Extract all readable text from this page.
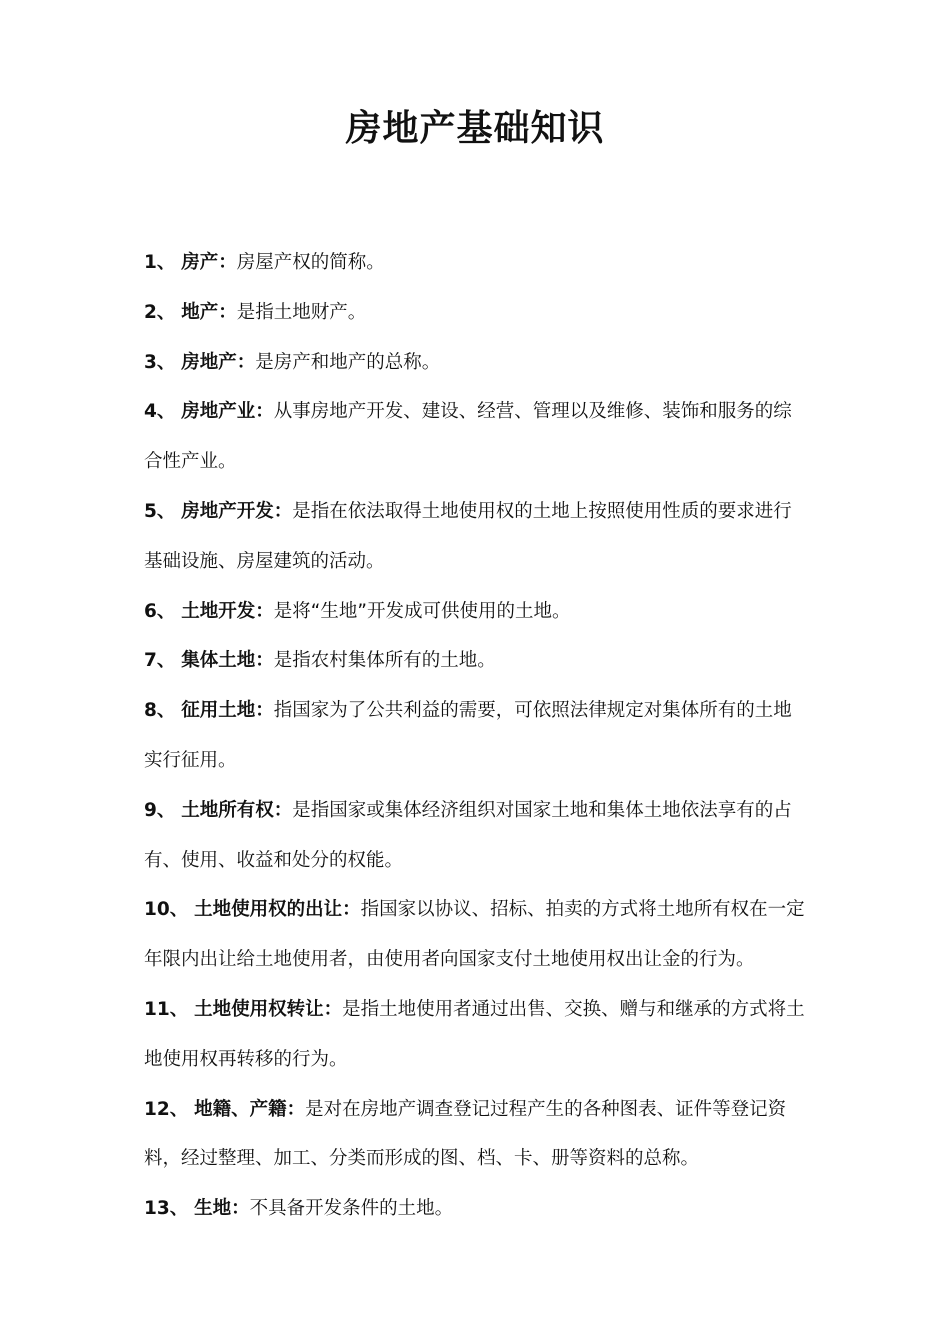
房地产基础知识
1、 房产：房屋产权的简称。
2、 地产：是指土地财产。
3、 房地产：是房产和地产的总称。
4、 房地产业：从事房地产开发、建设、经营、管理以及维修、装饰和服务的综合性产业。
5、 房地产开发：是指在依法取得土地使用权的土地上按照使用性质的要求进行基础设施、房屋建筑的活动。
6、 土地开发：是将“生地”开发成可供使用的土地。
7、 集体土地：是指农村集体所有的土地。
8、 征用土地：指国家为了公共利益的需要，可依照法律规定对集体所有的土地实行征用。
9、 土地所有权：是指国家或集体经济组织对国家土地和集体土地依法享有的占有、使用、收益和处分的权能。
10、 土地使用权的出让：指国家以协议、招标、拍卖的方式将土地所有权在一定年限内出让给土地使用者，由使用者向国家支付土地使用权出让金的行为。
11、 土地使用权转让：是指土地使用者通过出售、交换、赠与和继承的方式将土地使用权再转移的行为。
12、 地籍、产籍：是对在房地产调查登记过程产生的各种图表、证件等登记资料，经过整理、加工、分类而形成的图、档、卡、册等资料的总称。
13、 生地：不具备开发条件的土地。
